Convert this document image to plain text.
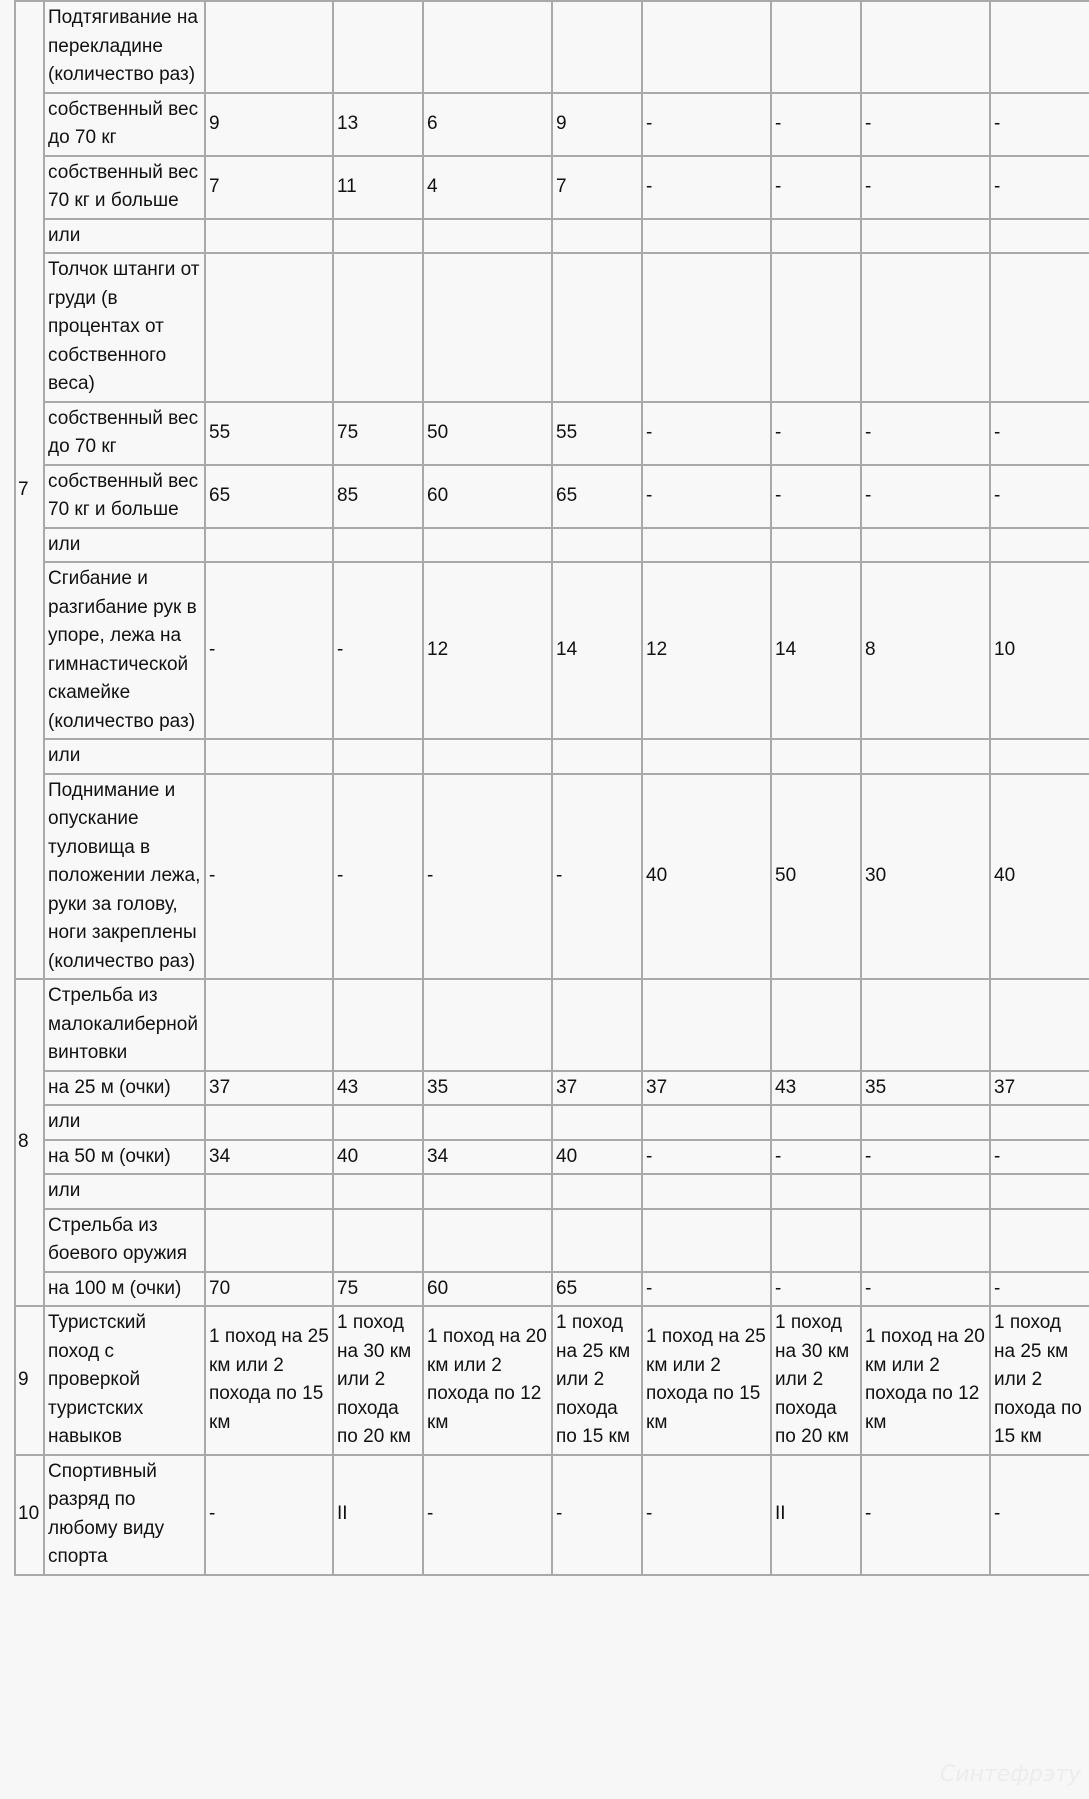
7	Подтягивание на перекладине (количество раз)								
	собственный вес до 70 кг	9	13	6	9	-	-	-	-
	собственный вес 70 кг и больше	7	11	4	7	-	-	-	-
	или								
	Толчок штанги от груди (в процентах от собственного веса)								
	собственный вес до 70 кг	55	75	50	55	-	-	-	-
	собственный вес 70 кг и больше	65	85	60	65	-	-	-	-
	или								
	Сгибание и разгибание рук в упоре, лежа на гимнастической скамейке (количество раз)	-	-	12	14	12	14	8	10
	или								
	Поднимание и опускание туловища в положении лежа, руки за голову, ноги закреплены (количество раз)	-	-	-	-	40	50	30	40
8	Стрельба из малокалиберной винтовки								
	на 25 м (очки)	37	43	35	37	37	43	35	37
	или								
	на 50 м (очки)	34	40	34	40	-	-	-	-
	или								
	Стрельба из боевого оружия								
	на 100 м (очки)	70	75	60	65	-	-	-	-
9	Туристский поход с проверкой туристских навыков	1 поход на 25 км или 2 похода по 15 км	1 поход на 30 км или 2 похода по 20 км	1 поход на 20 км или 2 похода по 12 км	1 поход на 25 км или 2 похода по 15 км	1 поход на 25 км или 2 похода по 15 км	1 поход на 30 км или 2 похода по 20 км	1 поход на 20 км или 2 похода по 12 км	1 поход на 25 км или 2 похода по 15 км
10	Спортивный разряд по любому виду спорта	-	II	-	-	-	II	-	-
Синтефрэту
